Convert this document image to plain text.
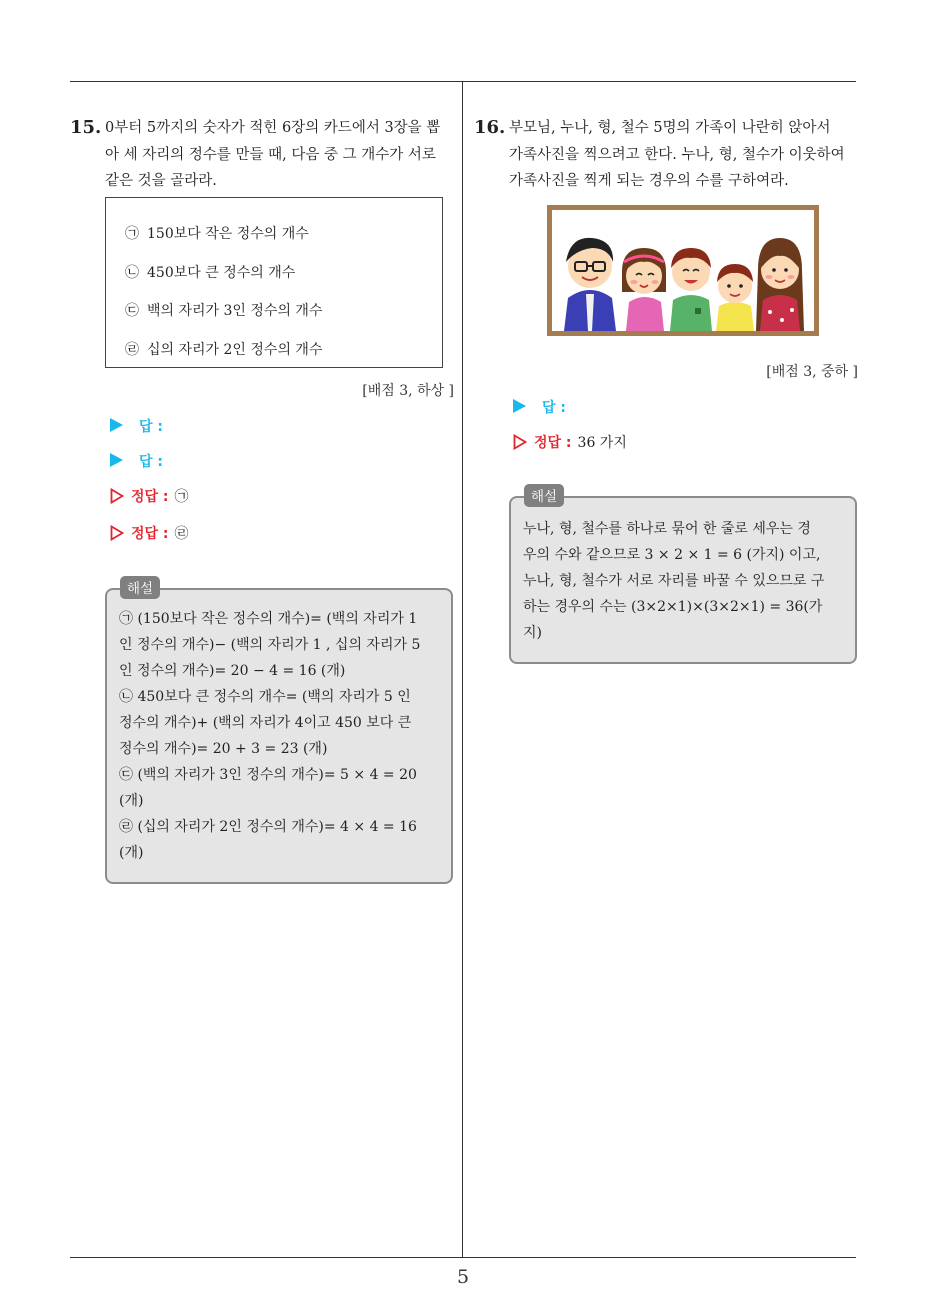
5
15. 0부터 5까지의 숫자가 적힌 6장의 카드에서 3장을 뽑
아 세 자리의 정수를 만들 때, 다음 중 그 개수가 서로
같은 것을 골라라.
㉠ 150보다 작은 정수의 개수
㉡ 450보다 큰 정수의 개수
㉢ 백의 자리가 3인 정수의 개수
㉣ 십의 자리가 2인 정수의 개수
[배점 3, 하상 ]
답 :
답 :
정답 : ㉠
정답 : ㉣
㉠ (150보다 작은 정수의 개수)= (백의 자리가 1
인 정수의 개수)− (백의 자리가 1 , 십의 자리가 5
인 정수의 개수)= 20 − 4 = 16 (개)
㉡ 450보다 큰 정수의 개수= (백의 자리가 5 인
정수의 개수)+ (백의 자리가 4이고 450 보다 큰
정수의 개수)= 20 + 3 = 23 (개)
㉢ (백의 자리가 3인 정수의 개수)= 5 × 4 = 20
(개)
㉣ (십의 자리가 2인 정수의 개수)= 4 × 4 = 16
(개)
해설
16. 부모님, 누나, 형, 철수 5명의 가족이 나란히 앉아서
가족사진을 찍으려고 한다. 누나, 형, 철수가 이웃하여
가족사진을 찍게 되는 경우의 수를 구하여라.
[배점 3, 중하 ]
답 :
정답 : 36 가지
누나, 형, 철수를 하나로 묶어 한 줄로 세우는 경
우의 수와 같으므로 3 × 2 × 1 = 6 (가지) 이고,
누나, 형, 철수가 서로 자리를 바꿀 수 있으므로 구
하는 경우의 수는 (3×2×1)×(3×2×1) = 36(가
지)
해설
